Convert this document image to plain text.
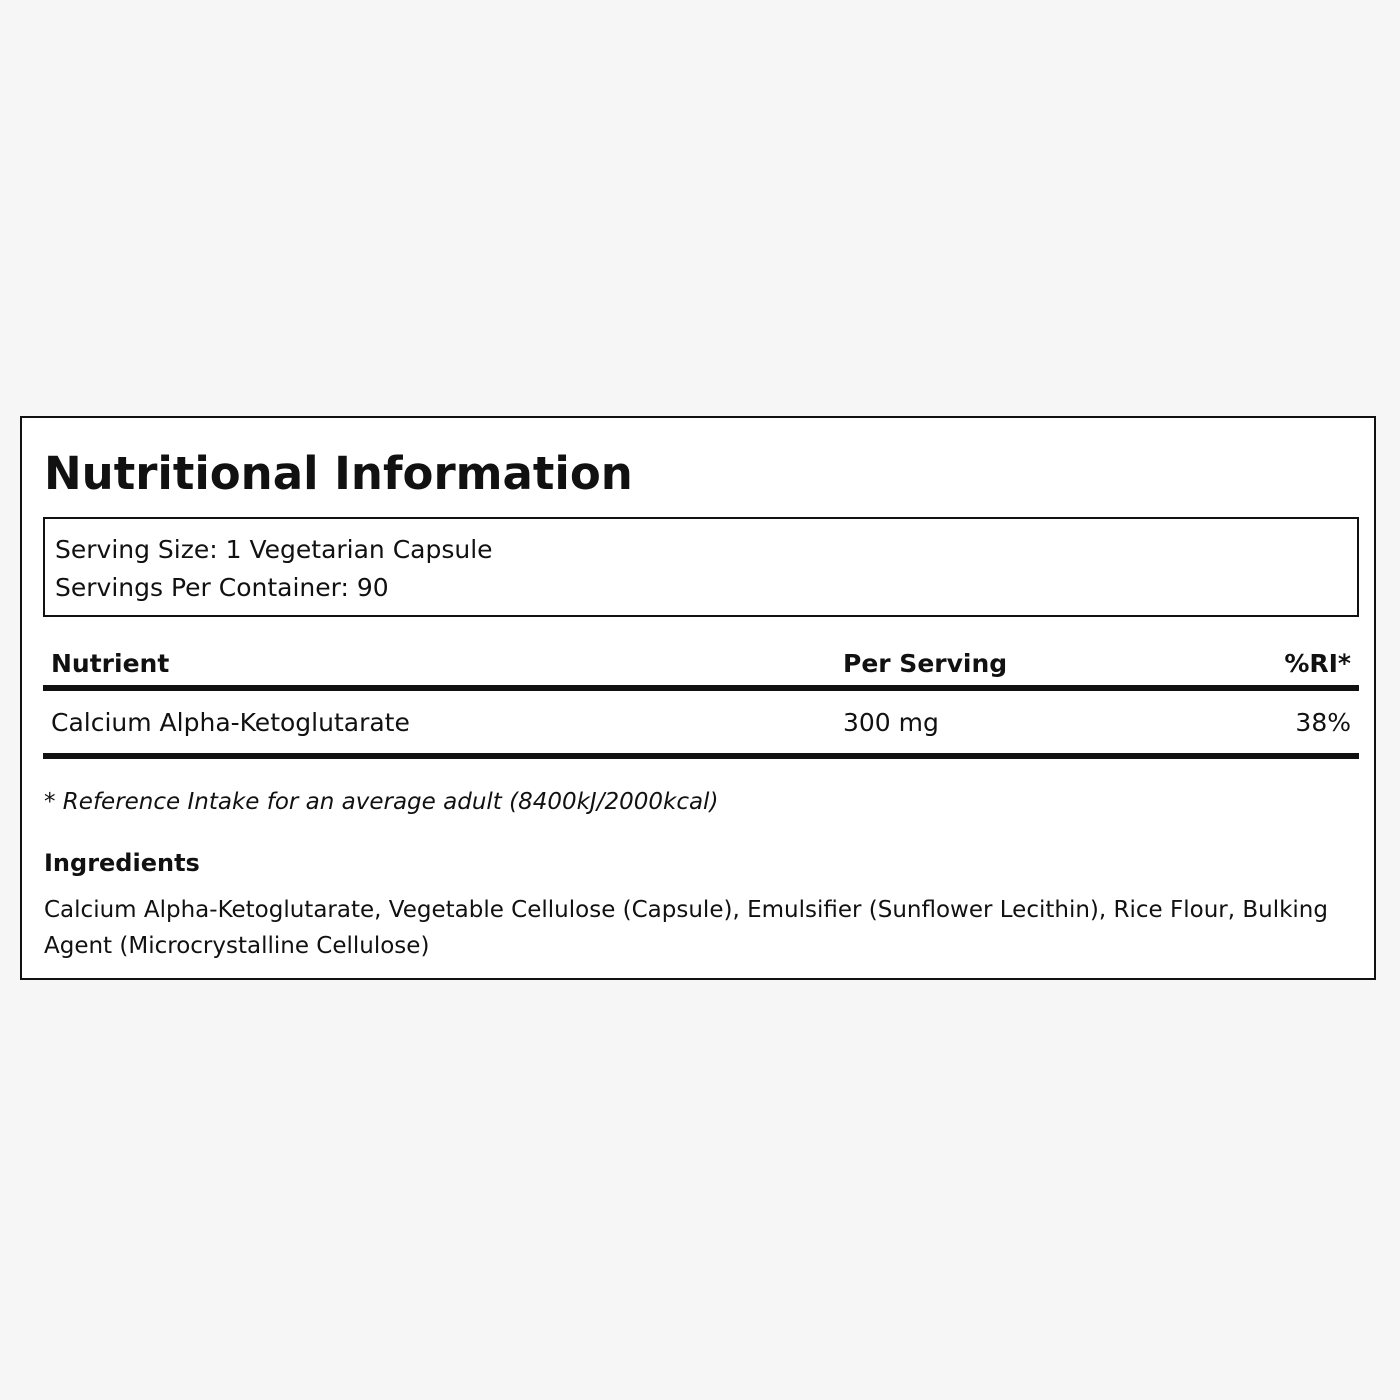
Nutritional Information
Serving Size: 1 Vegetarian Capsule
Servings Per Container: 90
Nutrient	Per Serving	%RI*
Calcium Alpha-Ketoglutarate	300 mg	38%
* Reference Intake for an average adult (8400kJ/2000kcal)
Ingredients

Calcium Alpha-Ketoglutarate, Vegetable Cellulose (Capsule), Emulsifier (Sunflower Lecithin), Rice Flour, Bulking Agent (Microcrystalline Cellulose)
